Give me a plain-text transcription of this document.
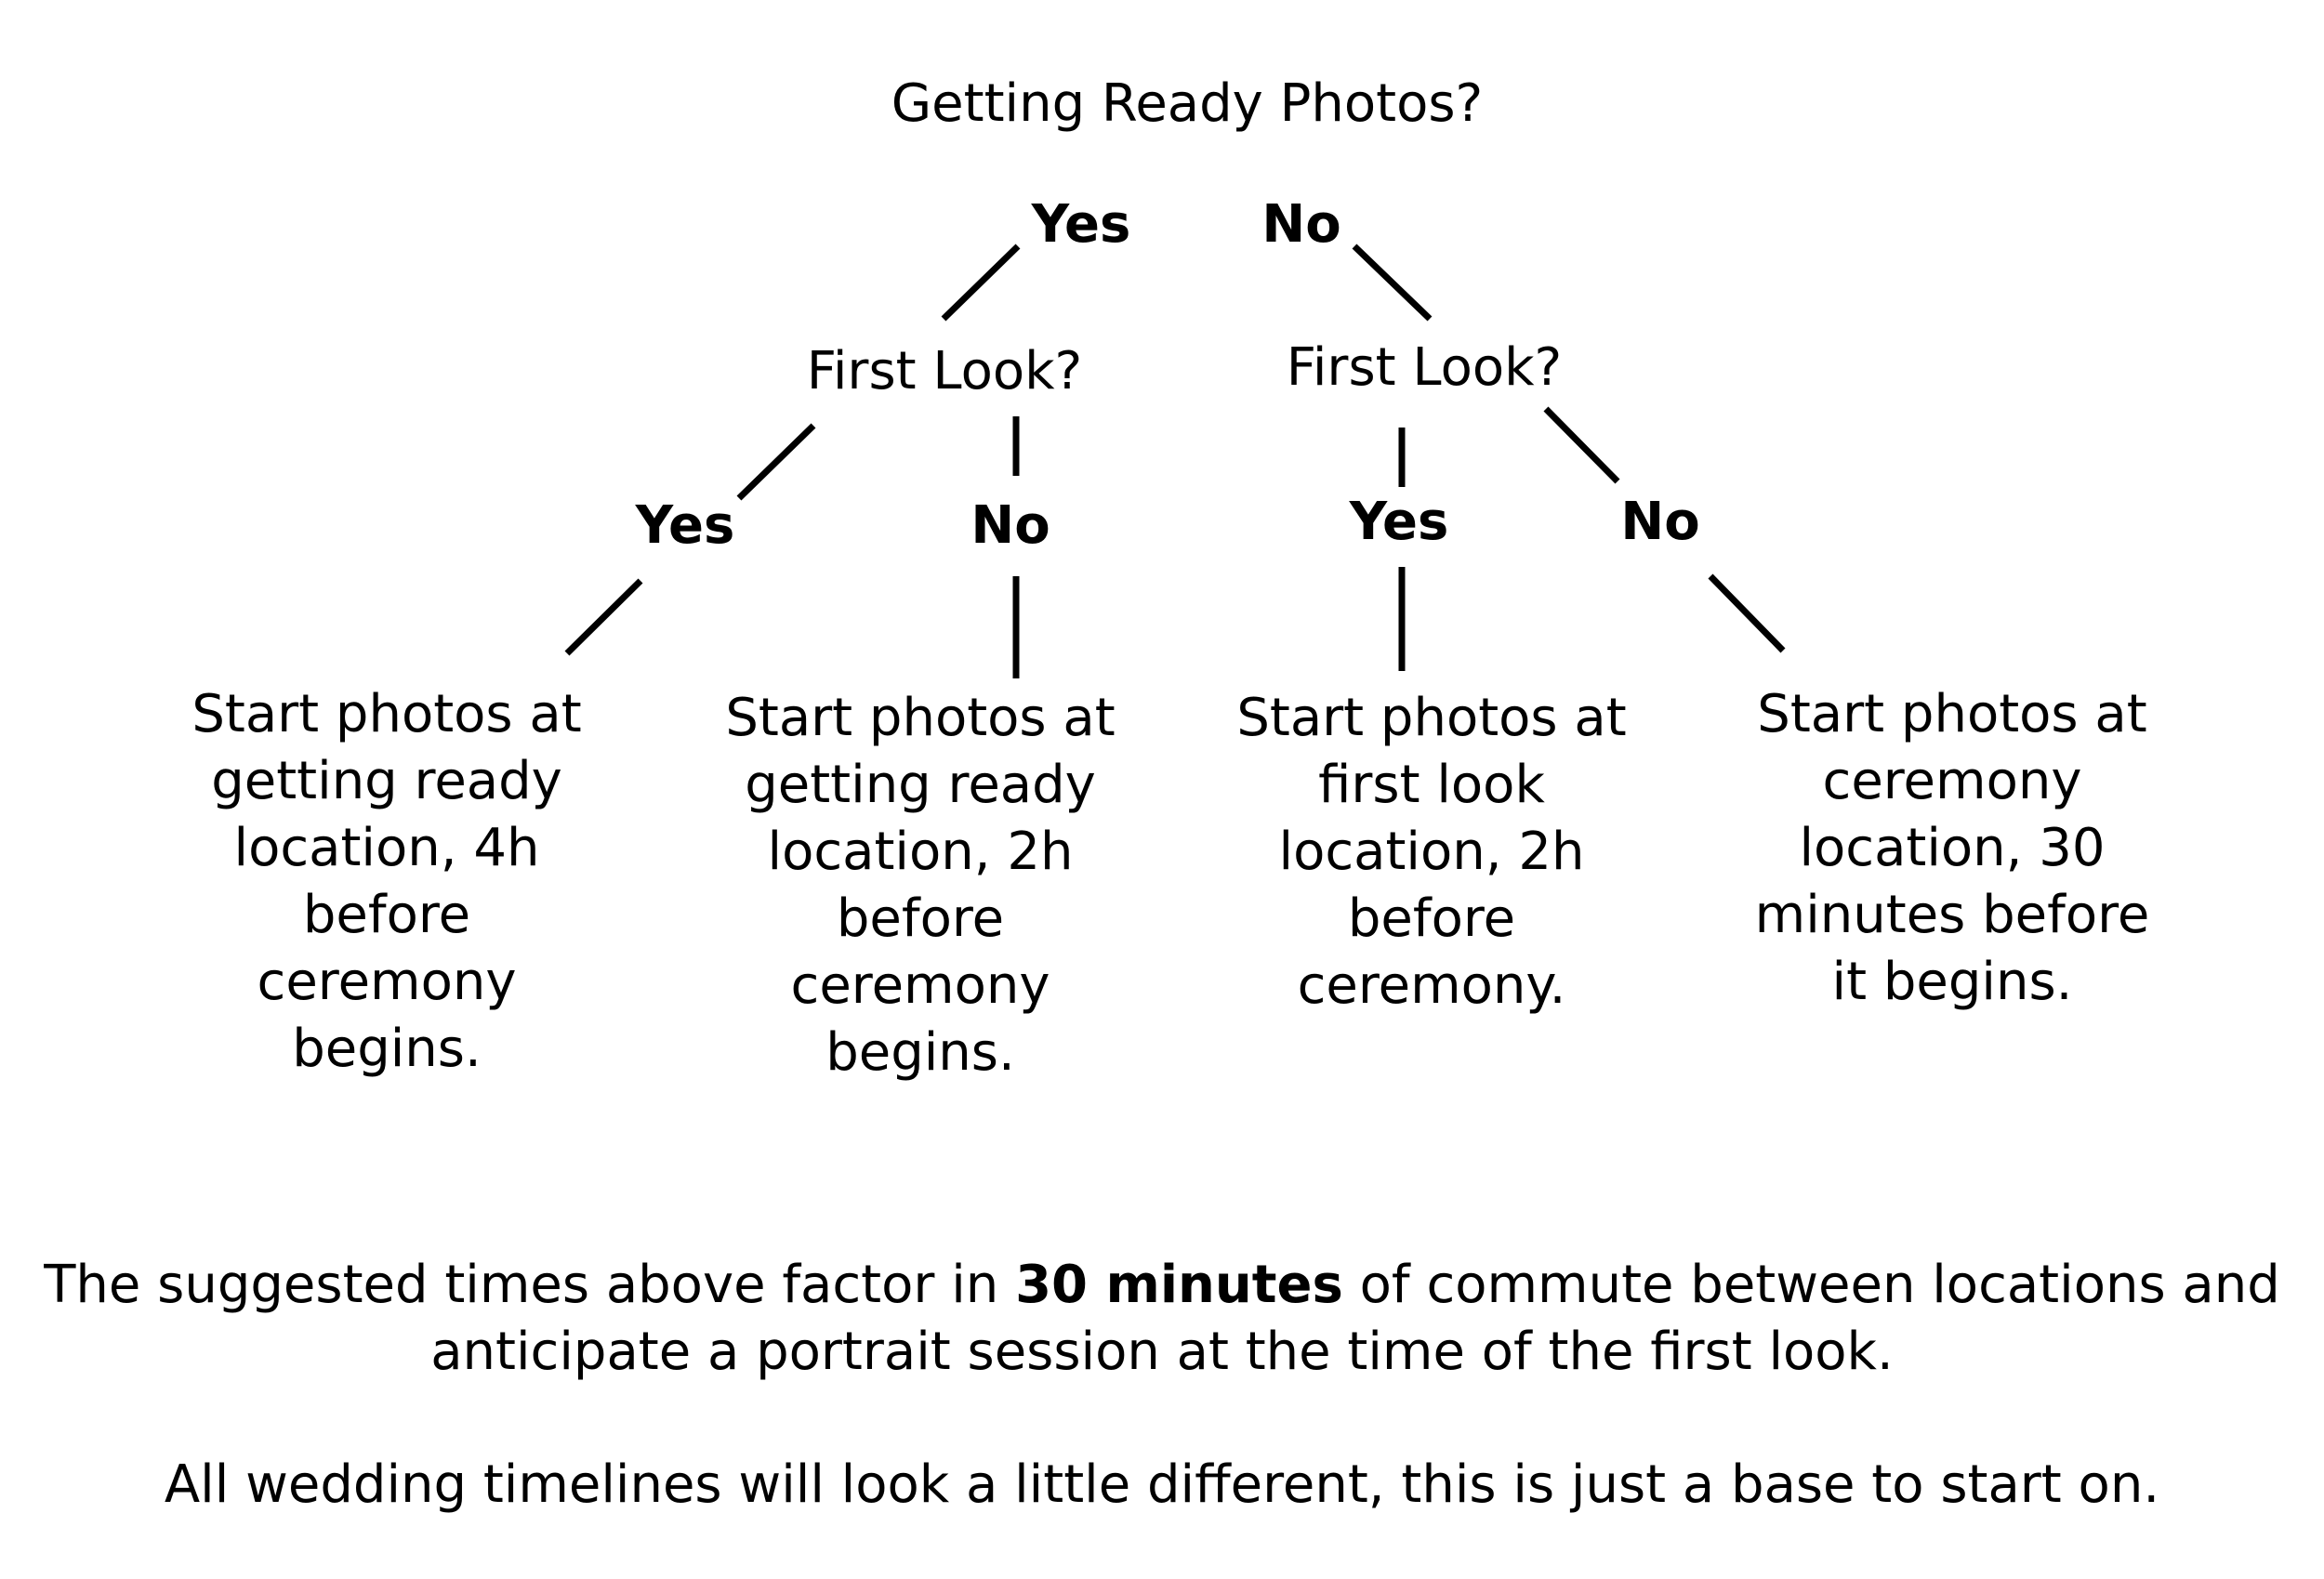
Getting Ready Photos?
Yes	No
First Look?	First Look?
Yes	No	Yes	No
Start photos at
getting ready
location, 4h
before
ceremony
begins.
Start photos at
getting ready
location, 2h
before
ceremony
begins.
Start photos at
first look
location, 2h
before
ceremony.
Start photos at
ceremony
location, 30
minutes before
it begins.
The suggested times above factor in 30 minutes of commute between locations and
anticipate a portrait session at the time of the first look.
All wedding timelines will look a little different, this is just a base to start on.
